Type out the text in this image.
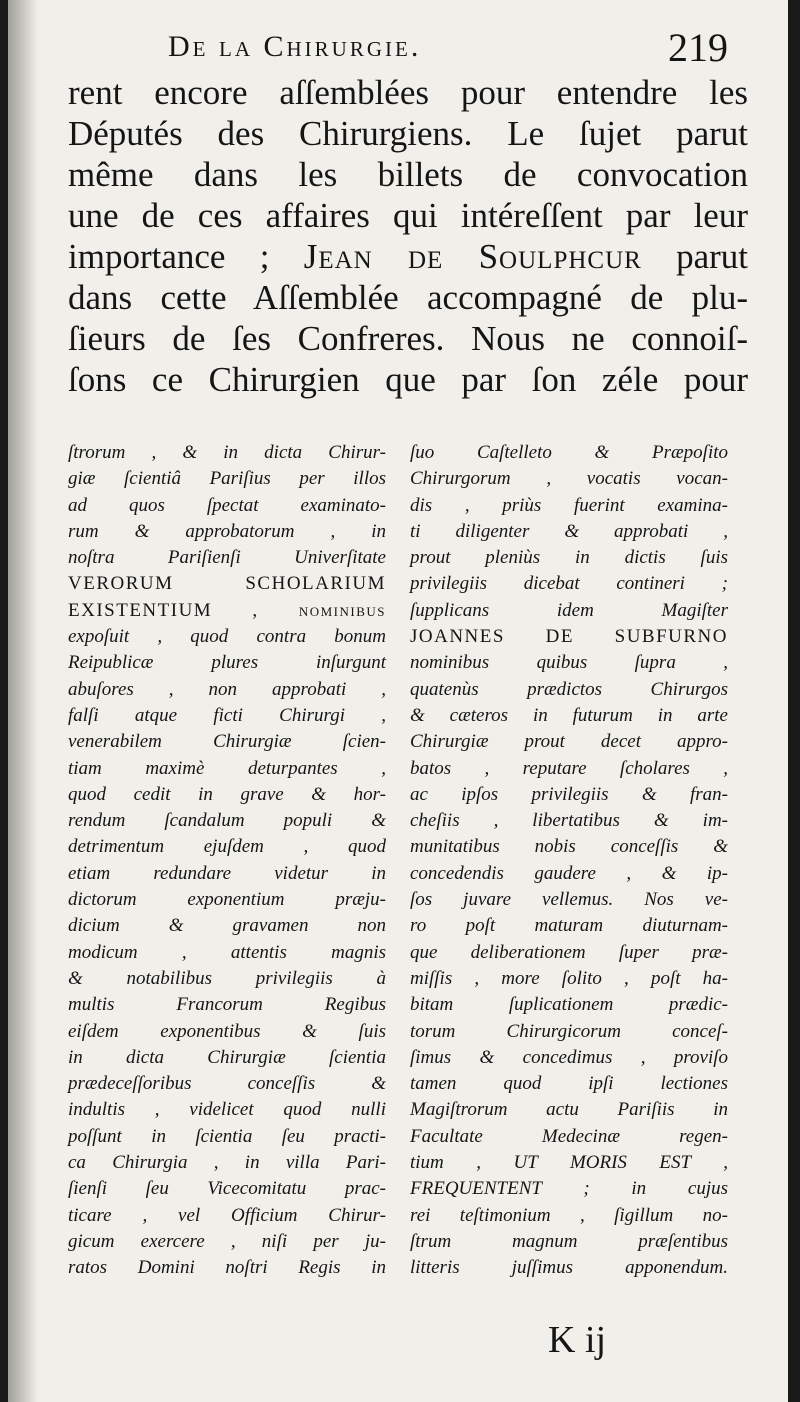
De la Chirurgie.	219
rent encore aſſemblées pour entendre les
Députés des Chirurgiens. Le ſujet parut
même dans les billets de convocation
une de ces affaires qui intéreſſent par leur
importance ; Jean de Soulphcur parut
dans cette Aſſemblée accompagné de plu-
ſieurs de ſes Confreres. Nous ne connoiſ-
ſons ce Chirurgien que par ſon zéle pour
ſtrorum , & in dicta Chirur-
giæ ſcientiâ Pariſius per illos
ad quos ſpectat examinato-
rum & approbatorum , in
noſtra Pariſienſi Univerſitate
VERORUM SCHOLARIUM
EXISTENTIUM , nominibus
expoſuit , quod contra bonum
Reipublicæ plures inſurgunt
abuſores , non approbati ,
falſi atque ficti Chirurgi ,
venerabilem Chirurgiæ ſcien-
tiam maximè deturpantes ,
quod cedit in grave & hor-
rendum ſcandalum populi &
detrimentum ejuſdem , quod
etiam redundare videtur in
dictorum exponentium præju-
dicium & gravamen non
modicum , attentis magnis
& notabilibus privilegiis à
multis Francorum Regibus
eiſdem exponentibus & ſuis
in dicta Chirurgiæ ſcientia
prædeceſſoribus conceſſis &
indultis , videlicet quod nulli
poſſunt in ſcientia ſeu practi-
ca Chirurgia , in villa Pari-
ſienſi ſeu Vicecomitatu prac-
ticare , vel Officium Chirur-
gicum exercere , niſi per ju-
ratos Domini noſtri Regis in
ſuo Caſtelleto & Præpoſito
Chirurgorum , vocatis vocan-
dis , priùs fuerint examina-
ti diligenter & approbati ,
prout pleniùs in dictis ſuis
privilegiis dicebat contineri ;
ſupplicans idem Magiſter
JOANNES DE SUBFURNO
nominibus quibus ſupra ,
quatenùs prædictos Chirurgos
& cæteros in futurum in arte
Chirurgiæ prout decet appro-
batos , reputare ſcholares ,
ac ipſos privilegiis & fran-
cheſiis , libertatibus & im-
munitatibus nobis conceſſis &
concedendis gaudere , & ip-
ſos juvare vellemus. Nos ve-
ro poſt maturam diuturnam-
que deliberationem ſuper præ-
miſſis , more ſolito , poſt ha-
bitam ſuplicationem prædic-
torum Chirurgicorum conceſ-
ſimus & concedimus , proviſo
tamen quod ipſi lectiones
Magiſtrorum actu Pariſiis in
Facultate Medecinæ regen-
tium , UT MORIS EST ,
FREQUENTENT ; in cujus
rei teſtimonium , ſigillum no-
ſtrum magnum præſentibus
litteris juſſimus apponendum.
K ij
